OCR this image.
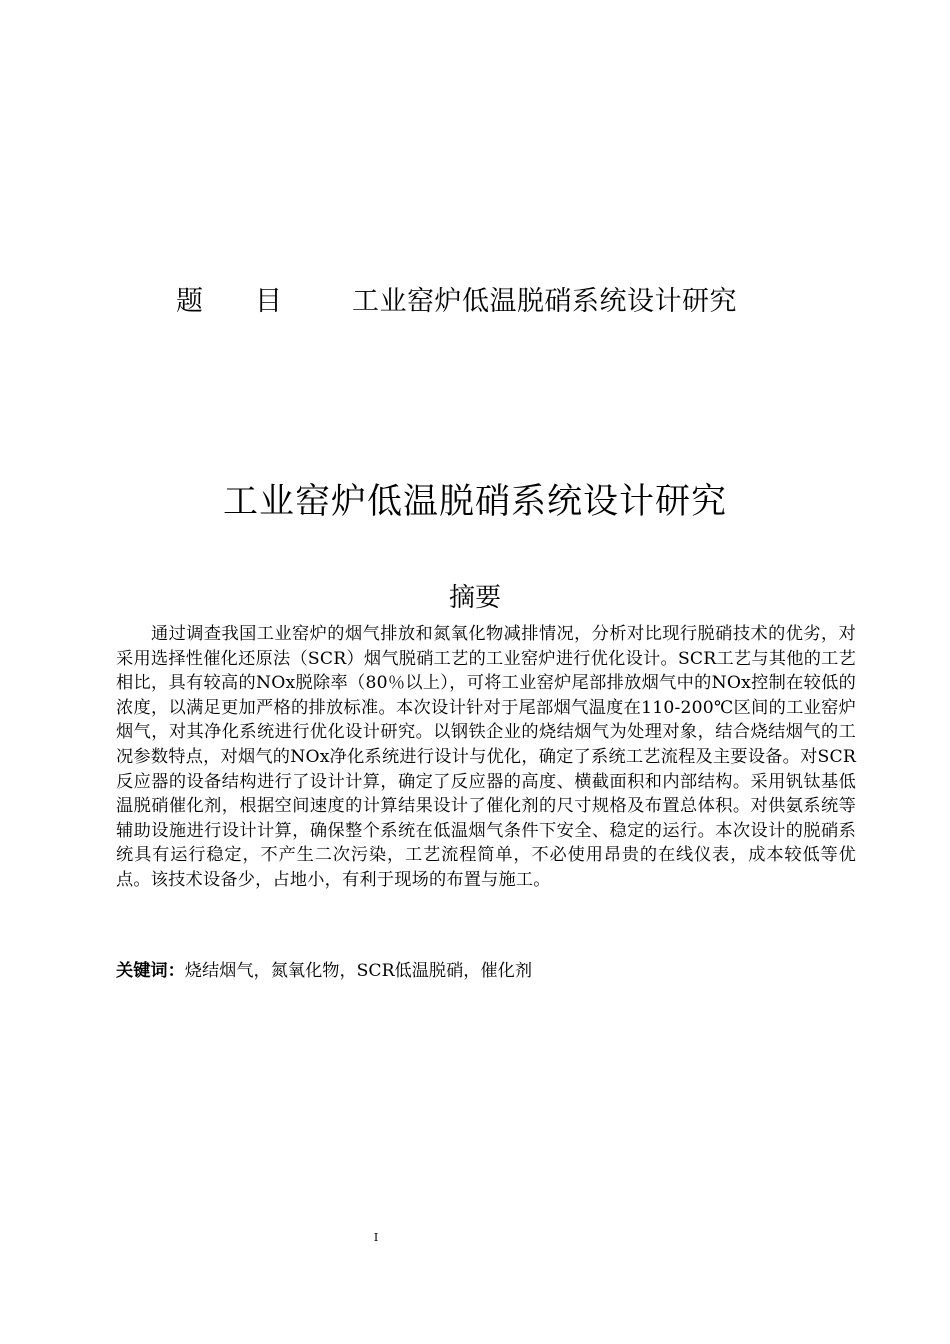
题目 工业窑炉低温脱硝系统设计研究
工业窑炉低温脱硝系统设计研究
摘要
通过调查我国工业窑炉的烟气排放和氮氧化物减排情况，分析对比现行脱硝技术的优劣，对采用选择性催化还原法（SCR）烟气脱硝工艺的工业窑炉进行优化设计。SCR工艺与其他的工艺相比，具有较高的NOx脱除率（80％以上），可将工业窑炉尾部排放烟气中的NOx控制在较低的浓度，以满足更加严格的排放标准。本次设计针对于尾部烟气温度在110-200℃区间的工业窑炉烟气，对其净化系统进行优化设计研究。以钢铁企业的烧结烟气为处理对象，结合烧结烟气的工况参数特点，对烟气的NOx净化系统进行设计与优化，确定了系统工艺流程及主要设备。对SCR反应器的设备结构进行了设计计算，确定了反应器的高度、横截面积和内部结构。采用钒钛基低温脱硝催化剂，根据空间速度的计算结果设计了催化剂的尺寸规格及布置总体积。对供氨系统等辅助设施进行设计计算，确保整个系统在低温烟气条件下安全、稳定的运行。本次设计的脱硝系统具有运行稳定，不产生二次污染，工艺流程简单，不必使用昂贵的在线仪表，成本较低等优点。该技术设备少，占地小，有利于现场的布置与施工。
关键词：烧结烟气，氮氧化物，SCR低温脱硝，催化剂
I
